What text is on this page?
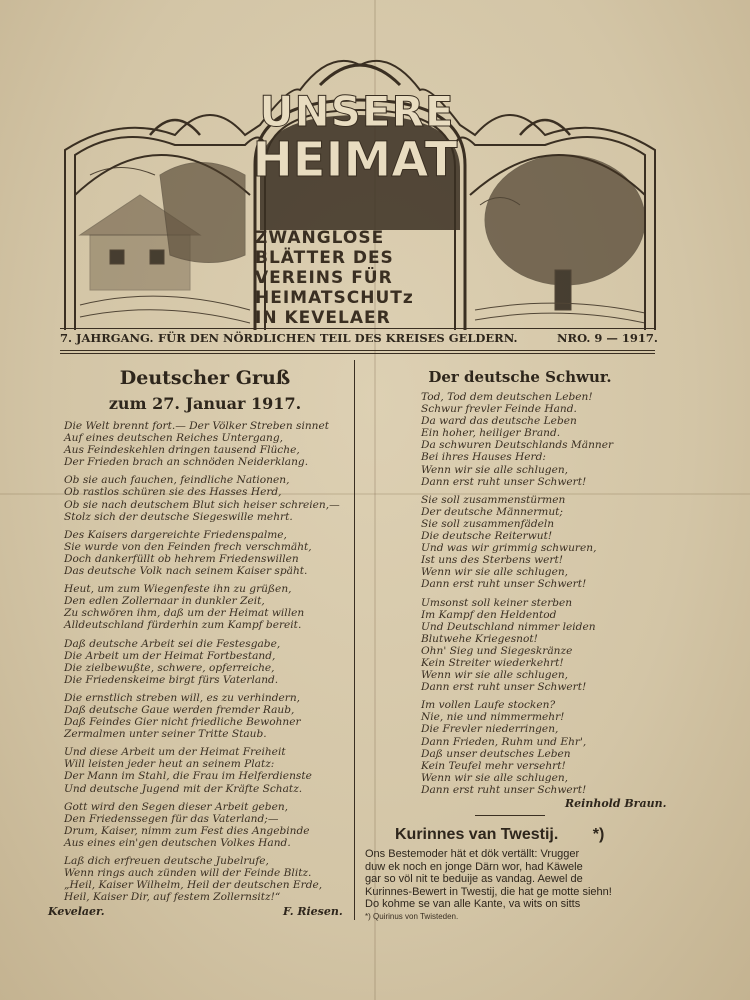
UNSERE
HEIMAT
ZWANGLOSE
BLÄTTER DES
VEREINS FÜR
HEIMATSCHUTz
IN KEVELAER
7. JAHRGANG. FÜR DEN NÖRDLICHEN TEIL DES KREISES GELDERN.	NRO. 9 — 1917.
Deutscher Gruß
zum 27. Januar 1917.
Die Welt brennt fort.— Der Völker Streben sinnet
Auf eines deutschen Reiches Untergang,
Aus Feindeskehlen dringen tausend Flüche,
Der Frieden brach an schnöden Neiderklang.
Ob sie auch fauchen, feindliche Nationen,
Ob rastlos schüren sie des Hasses Herd,
Ob sie nach deutschem Blut sich heiser schreien,—
Stolz sich der deutsche Siegeswille mehrt.
Des Kaisers dargereichte Friedenspalme,
Sie wurde von den Feinden frech verschmäht,
Doch dankerfüllt ob hehrem Friedenswillen
Das deutsche Volk nach seinem Kaiser späht.
Heut, um zum Wiegenfeste ihn zu grüßen,
Den edlen Zollernaar in dunkler Zeit,
Zu schwören ihm, daß um der Heimat willen
Alldeutschland fürderhin zum Kampf bereit.
Daß deutsche Arbeit sei die Festesgabe,
Die Arbeit um der Heimat Fortbestand,
Die zielbewußte, schwere, opferreiche,
Die Friedenskeime birgt fürs Vaterland.
Die ernstlich streben will, es zu verhindern,
Daß deutsche Gaue werden fremder Raub,
Daß Feindes Gier nicht friedliche Bewohner
Zermalmen unter seiner Tritte Staub.
Und diese Arbeit um der Heimat Freiheit
Will leisten jeder heut an seinem Platz:
Der Mann im Stahl, die Frau im Helferdienste
Und deutsche Jugend mit der Kräfte Schatz.
Gott wird den Segen dieser Arbeit geben,
Den Friedenssegen für das Vaterland;—
Drum, Kaiser, nimm zum Fest dies Angebinde
Aus eines ein'gen deutschen Volkes Hand.
Laß dich erfreuen deutsche Jubelrufe,
Wenn rings auch zünden will der Feinde Blitz.
„Heil, Kaiser Wilhelm, Heil der deutschen Erde,
Heil, Kaiser Dir, auf festem Zollernsitz!“
Kevelaer.	F. Riesen.
Der deutsche Schwur.
Tod, Tod dem deutschen Leben!
Schwur frevler Feinde Hand.
Da ward das deutsche Leben
Ein hoher, heiliger Brand.
Da schwuren Deutschlands Männer
Bei ihres Hauses Herd:
Wenn wir sie alle schlugen,
Dann erst ruht unser Schwert!
Sie soll zusammenstürmen
Der deutsche Männermut;
Sie soll zusammenfädeln
Die deutsche Reiterwut!
Und was wir grimmig schwuren,
Ist uns des Sterbens wert!
Wenn wir sie alle schlugen,
Dann erst ruht unser Schwert!
Umsonst soll keiner sterben
Im Kampf den Heldentod
Und Deutschland nimmer leiden
Blutwehe Kriegesnot!
Ohn' Sieg und Siegeskränze
Kein Streiter wiederkehrt!
Wenn wir sie alle schlugen,
Dann erst ruht unser Schwert!
Im vollen Laufe stocken?
Nie, nie und nimmermehr!
Die Frevler niederringen,
Dann Frieden, Ruhm und Ehr',
Daß unser deutsches Leben
Kein Teufel mehr versehrt!
Wenn wir sie alle schlugen,
Dann erst ruht unser Schwert!
Reinhold Braun.
Kurinnes van Twestij. *)
Ons Bestemoder hät et dök vertällt: Vrugger
duw ek noch en jonge Därn wor, had Käwele
gar so völ nit te beduije as vandag. Aewel de
Kurinnes-Bewert in Twestij, die hat ge motte siehn!
Do kohme se van alle Kante, va wits on sitts
*) Quirinus von Twisteden.
